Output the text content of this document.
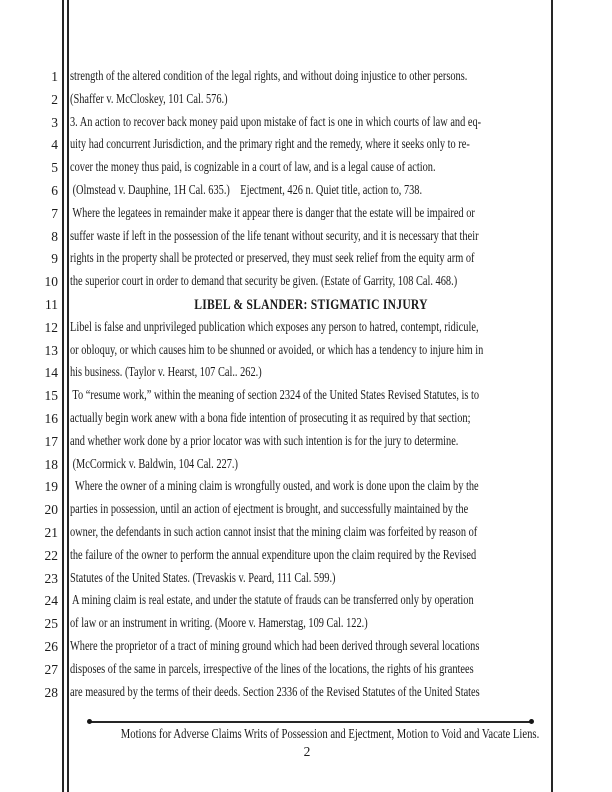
1 strength of the altered condition of the legal rights, and without doing injustice to other persons.
2 (Shaffer v. McCloskey, 101 Cal. 576.)
3 3. An action to recover back money paid upon mistake of fact is one in which courts of law and eq-
4 uity had concurrent Jurisdiction, and the primary right and the remedy, where it seeks only to re-
5 cover the money thus paid, is cognizable in a court of law, and is a legal cause of action.
6 (Olmstead v. Dauphine, 1H Cal. 635.)    Ejectment, 426 n. Quiet title, action to, 738.
7 Where the legatees in remainder make it appear there is danger that the estate will be impaired or
8 suffer waste if left in the possession of the life tenant without security, and it is necessary that their
9 rights in the property shall be protected or preserved, they must seek relief from the equity arm of
10 the superior court in order to demand that security be given. (Estate of Garrity, 108 Cal. 468.)
11	LIBEL & SLANDER: STIGMATIC INJURY
12 Libel is false and unprivileged publication which exposes any person to hatred, contempt, ridicule,
13 or obloquy, or which causes him to be shunned or avoided, or which has a tendency to injure him in
14 his business. (Taylor v. Hearst, 107 Cal.. 262.)
15 To “resume work,” within the meaning of section 2324 of the United States Revised Statutes, is to
16 actually begin work anew with a bona fide intention of prosecuting it as required by that section;
17 and whether work done by a prior locator was with such intention is for the jury to determine.
18 (McCormick v. Baldwin, 104 Cal. 227.)
19 Where the owner of a mining claim is wrongfully ousted, and work is done upon the claim by the
20 parties in possession, until an action of ejectment is brought, and successfully maintained by the
21 owner, the defendants in such action cannot insist that the mining claim was forfeited by reason of
22 the failure of the owner to perform the annual expenditure upon the claim required by the Revised
23 Statutes of the United States. (Trevaskis v. Peard, 111 Cal. 599.)
24 A mining claim is real estate, and under the statute of frauds can be transferred only by operation
25 of law or an instrument in writing. (Moore v. Hamerstag, 109 Cal. 122.)
26 Where the proprietor of a tract of mining ground which had been derived through several locations
27 disposes of the same in parcels, irrespective of the lines of the locations, the rights of his grantees
28 are measured by the terms of their deeds. Section 2336 of the Revised Statutes of the United States
Motions for Adverse Claims Writs of Possession and Ejectment, Motion to Void and Vacate Liens.
2
